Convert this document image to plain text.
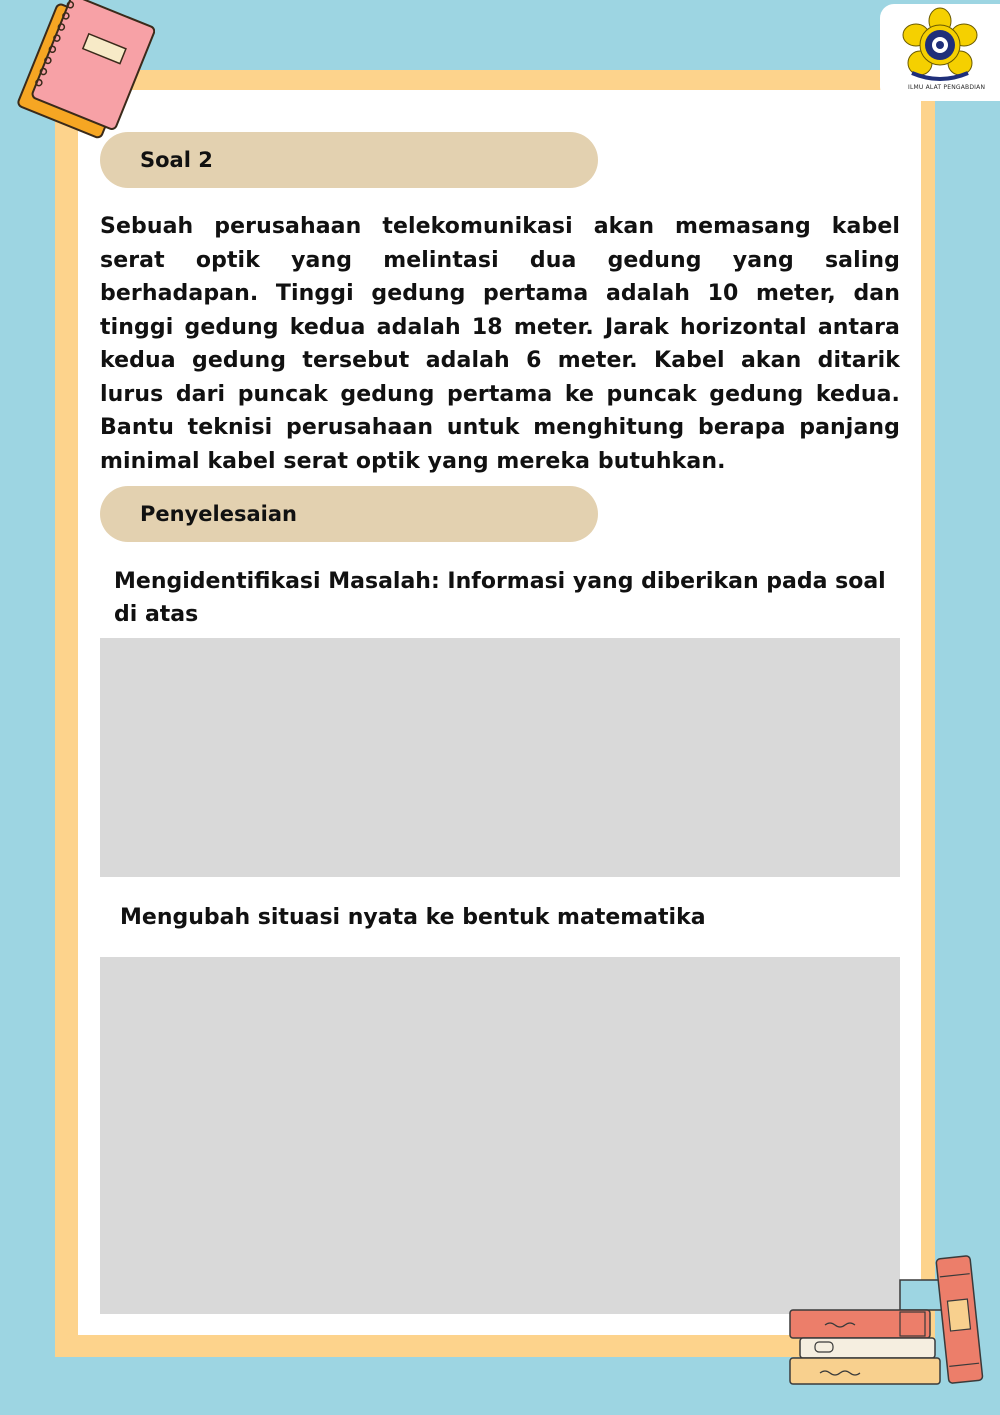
ILMU ALAT PENGABDIAN
Soal 2
Sebuah perusahaan telekomunikasi akan memasang kabel serat optik yang melintasi dua gedung yang saling berhadapan. Tinggi gedung pertama adalah 10 meter, dan tinggi gedung kedua adalah 18 meter. Jarak horizontal antara kedua gedung tersebut adalah 6 meter. Kabel akan ditarik lurus dari puncak gedung pertama ke puncak gedung kedua. Bantu teknisi perusahaan untuk menghitung berapa panjang minimal kabel serat optik yang mereka butuhkan.
Penyelesaian
Mengidentifikasi Masalah: Informasi yang diberikan pada soal di atas
Mengubah situasi nyata ke bentuk matematika
